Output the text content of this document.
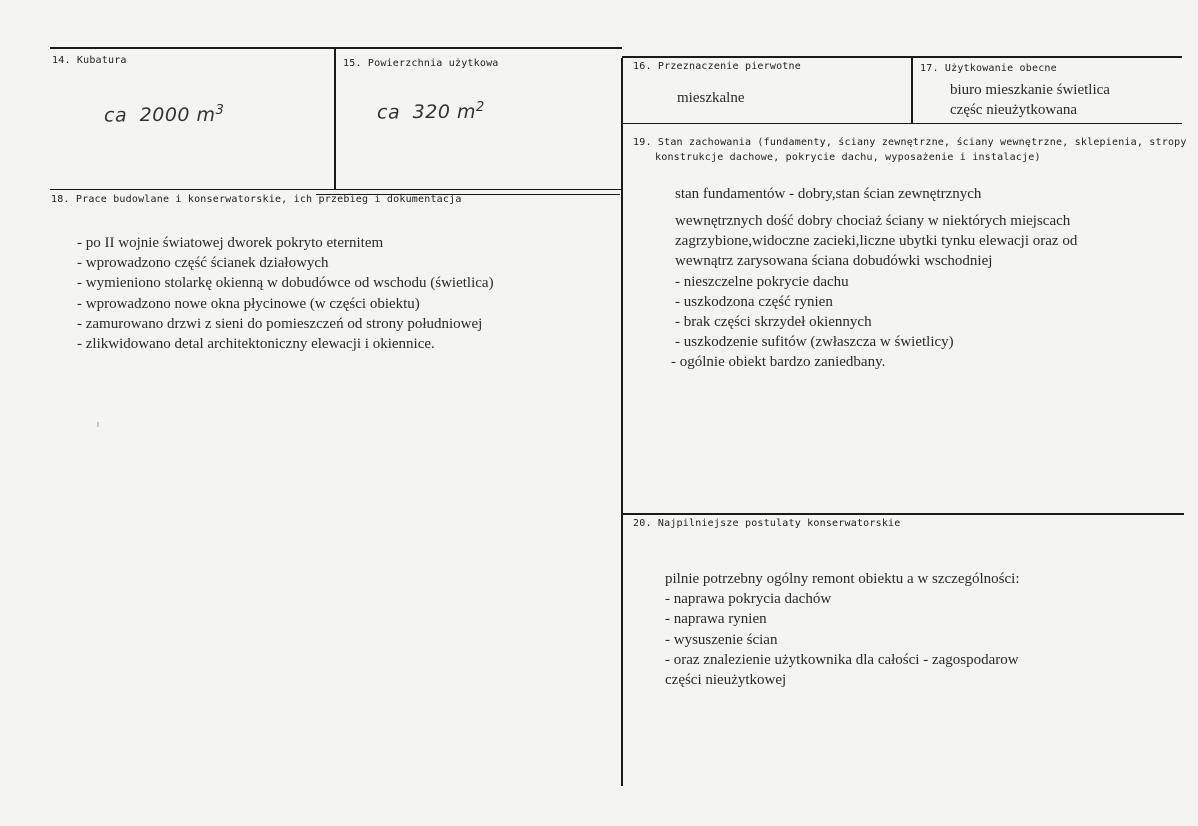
14. Kubatura
ca 2000 $m^3$
15. Powierzchnia użytkowa
ca 320 $m^2$
16. Przeznaczenie pierwotne
mieszkalne
17. Użytkowanie obecne
biuro mieszkanie świetlica
częśc nieużytkowana
18. Prace budowlane i konserwatorskie, ich przebieg i dokumentacja
- po II wojnie światowej dworek pokryto eternitem
- wprowadzono część ścianek działowych
- wymieniono stolarkę okienną w dobudówce od wschodu (świetlica)
- wprowadzono nowe okna płycinowe (w części obiektu)
- zamurowano drzwi z sieni do pomieszczeń od strony południowej
- zlikwidowano detal architektoniczny elewacji i okiennice.
19. Stan zachowania (fundamenty, ściany zewnętrzne, ściany wewnętrzne, sklepienia, stropy
konstrukcje dachowe, pokrycie dachu, wyposażenie i instalacje)
stan fundamentów - dobry,stan ścian zewnętrznych
wewnętrznych dość dobry chociaż ściany w niektórych miejscach
zagrzybione,widoczne zacieki,liczne ubytki tynku elewacji oraz od
wewnątrz zarysowana ściana dobudówki wschodniej
- nieszczelne pokrycie dachu
- uszkodzona część rynien
- brak części skrzydeł okiennych
- uszkodzenie sufitów (zwłaszcza w świetlicy)
- ogólnie obiekt bardzo zaniedbany.
20. Najpilniejsze postulaty konserwatorskie
pilnie potrzebny ogólny remont obiektu a w szczególności:
- naprawa pokrycia dachów
- naprawa rynien
- wysuszenie ścian
- oraz znalezienie użytkownika dla całości - zagospodarow
części nieużytkowej
